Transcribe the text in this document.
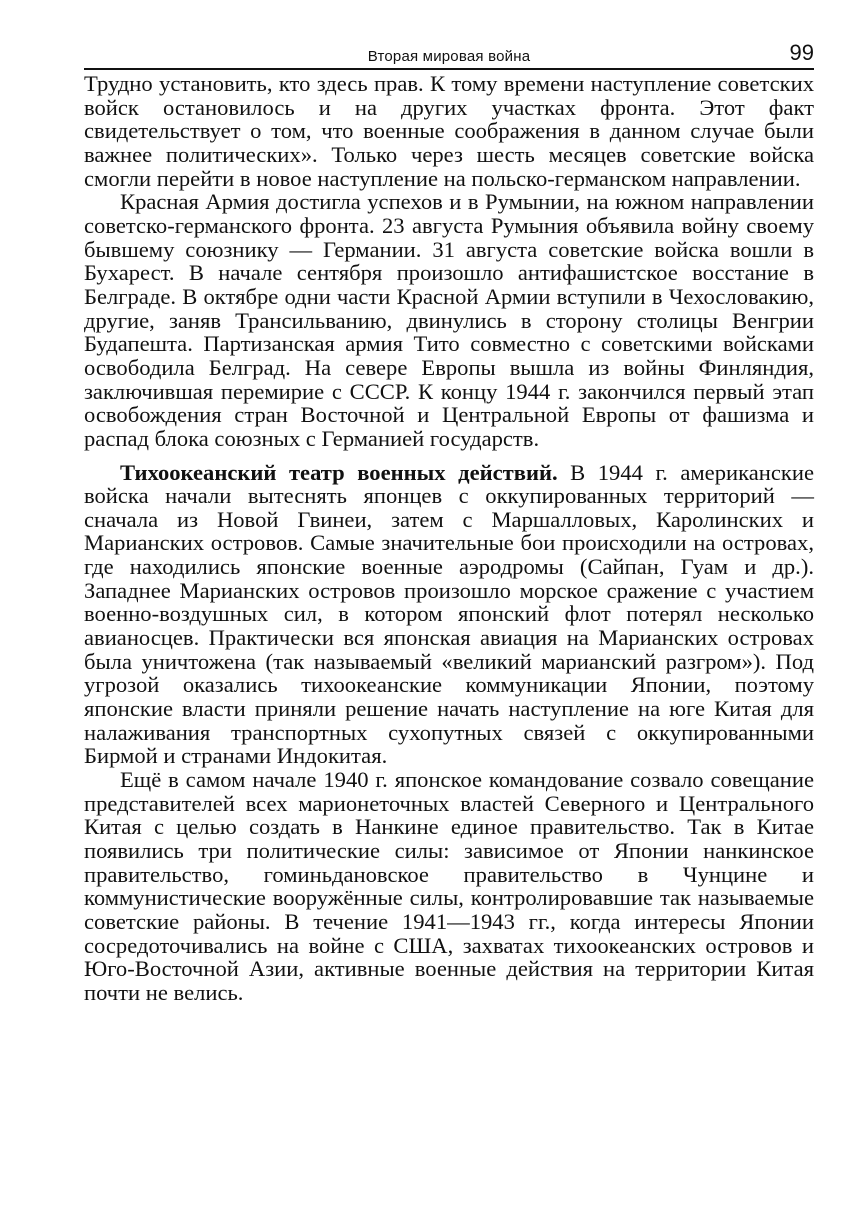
Вторая мировая война	99

Трудно установить, кто здесь прав. К тому времени наступление советских войск остановилось и на других участках фронта. Этот факт свидетельствует о том, что военные соображения в данном случае были важнее политических». Только через шесть месяцев советские войска смогли перейти в новое наступление на польско-германском направлении.

Красная Армия достигла успехов и в Румынии, на южном направлении советско-германского фронта. 23 августа Румыния объявила войну своему бывшему союзнику — Германии. 31 августа советские войска вошли в Бухарест. В начале сентября произошло антифашистское восстание в Белграде. В октябре одни части Красной Армии вступили в Чехословакию, другие, заняв Трансильванию, двинулись в сторону столицы Венгрии Будапешта. Партизанская армия Тито совместно с советскими войсками освободила Белград. На севере Европы вышла из войны Финляндия, заключившая перемирие с СССР. К концу 1944 г. закончился первый этап освобождения стран Восточной и Центральной Европы от фашизма и распад блока союзных с Германией государств.

Тихоокеанский театр военных действий. В 1944 г. американские войска начали вытеснять японцев с оккупированных территорий — сначала из Новой Гвинеи, затем с Маршалловых, Каролинских и Марианских островов. Самые значительные бои происходили на островах, где находились японские военные аэродромы (Сайпан, Гуам и др.). Западнее Марианских островов произошло морское сражение с участием военно-воздушных сил, в котором японский флот потерял несколько авианосцев. Практически вся японская авиация на Марианских островах была уничтожена (так называемый «великий марианский разгром»). Под угрозой оказались тихоокеанские коммуникации Японии, поэтому японские власти приняли решение начать наступление на юге Китая для налаживания транспортных сухопутных связей с оккупированными Бирмой и странами Индокитая.

Ещё в самом начале 1940 г. японское командование созвало совещание представителей всех марионеточных властей Северного и Центрального Китая с целью создать в Нанкине единое правительство. Так в Китае появились три политические силы: зависимое от Японии нанкинское правительство, гоминьдановское правительство в Чунцине и коммунистические вооружённые силы, контролировавшие так называемые советские районы. В течение 1941—1943 гг., когда интересы Японии сосредоточивались на войне с США, захватах тихоокеанских островов и Юго-Восточной Азии, активные военные действия на территории Китая почти не велись.
